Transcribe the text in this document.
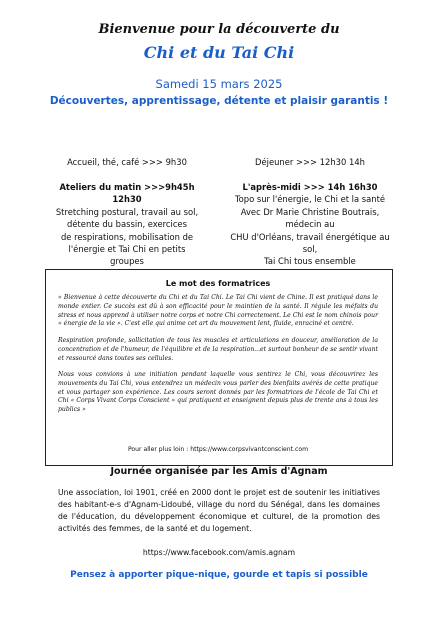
Bienvenue pour la découverte du
Chi et du Tai Chi
Samedi 15 mars 2025
Découvertes, apprentissage, détente et plaisir garantis !
Accueil, thé, café >>> 9h30
Ateliers du matin >>>9h45h 12h30
Stretching postural, travail au sol,
détente du bassin, exercices
de respirations, mobilisation de
l'énergie et Tai Chi en petits groupes
Déjeuner >>> 12h30 14h
L'après-midi >>> 14h 16h30
Topo sur l'énergie, le Chi et la santé
Avec Dr Marie Christine Boutrais, médecin au
CHU d'Orléans, travail énergétique au sol,
Tai Chi tous ensemble
Le mot des formatrices
« Bienvenue à cette découverte du Chi et du Tai Chi. Le Tai Chi vient de Chine. Il est pratiqué dans le monde entier. Ce succès est dû à son efficacité pour le maintien de la santé. Il régule les méfaits du stress et nous apprend à utiliser notre corps et notre Chi correctement. Le Chi est le nom chinois pour « énergie de la vie ». C'est elle qui anime cet art du mouvement lent, fluide, enraciné et centré.
Respiration profonde, sollicitation de tous les muscles et articulations en douceur, amélioration de la concentration et de l'humeur, de l'équilibre et de la respiration...et surtout bonheur de se sentir vivant et ressourcé dans toutes ses cellules.
Nous vous convions à une initiation pendant laquelle vous sentirez le Chi, vous découvrirez les mouvements du Tai Chi, vous entendrez un médecin vous parler des bienfaits avérés de cette pratique et vous partager son expérience. Les cours seront donnés par les formatrices de l'école de Tai Chi et Chi « Corps Vivant Corps Conscient » qui pratiquent et enseignent depuis plus de trente ans à tous les publics »
Pour aller plus loin : https://www.corpsvivantconscient.com
Journée organisée par les Amis d'Agnam
Une association, loi 1901, créé en 2000 dont le projet est de soutenir les initiatives des habitant-e-s d'Agnam-Lidoubé, village du nord du Sénégal, dans les domaines de l'éducation, du développement économique et culturel, de la promotion des activités des femmes, de la santé et du logement.
https://www.facebook.com/amis.agnam
Pensez à apporter pique-nique, gourde et tapis si possible
